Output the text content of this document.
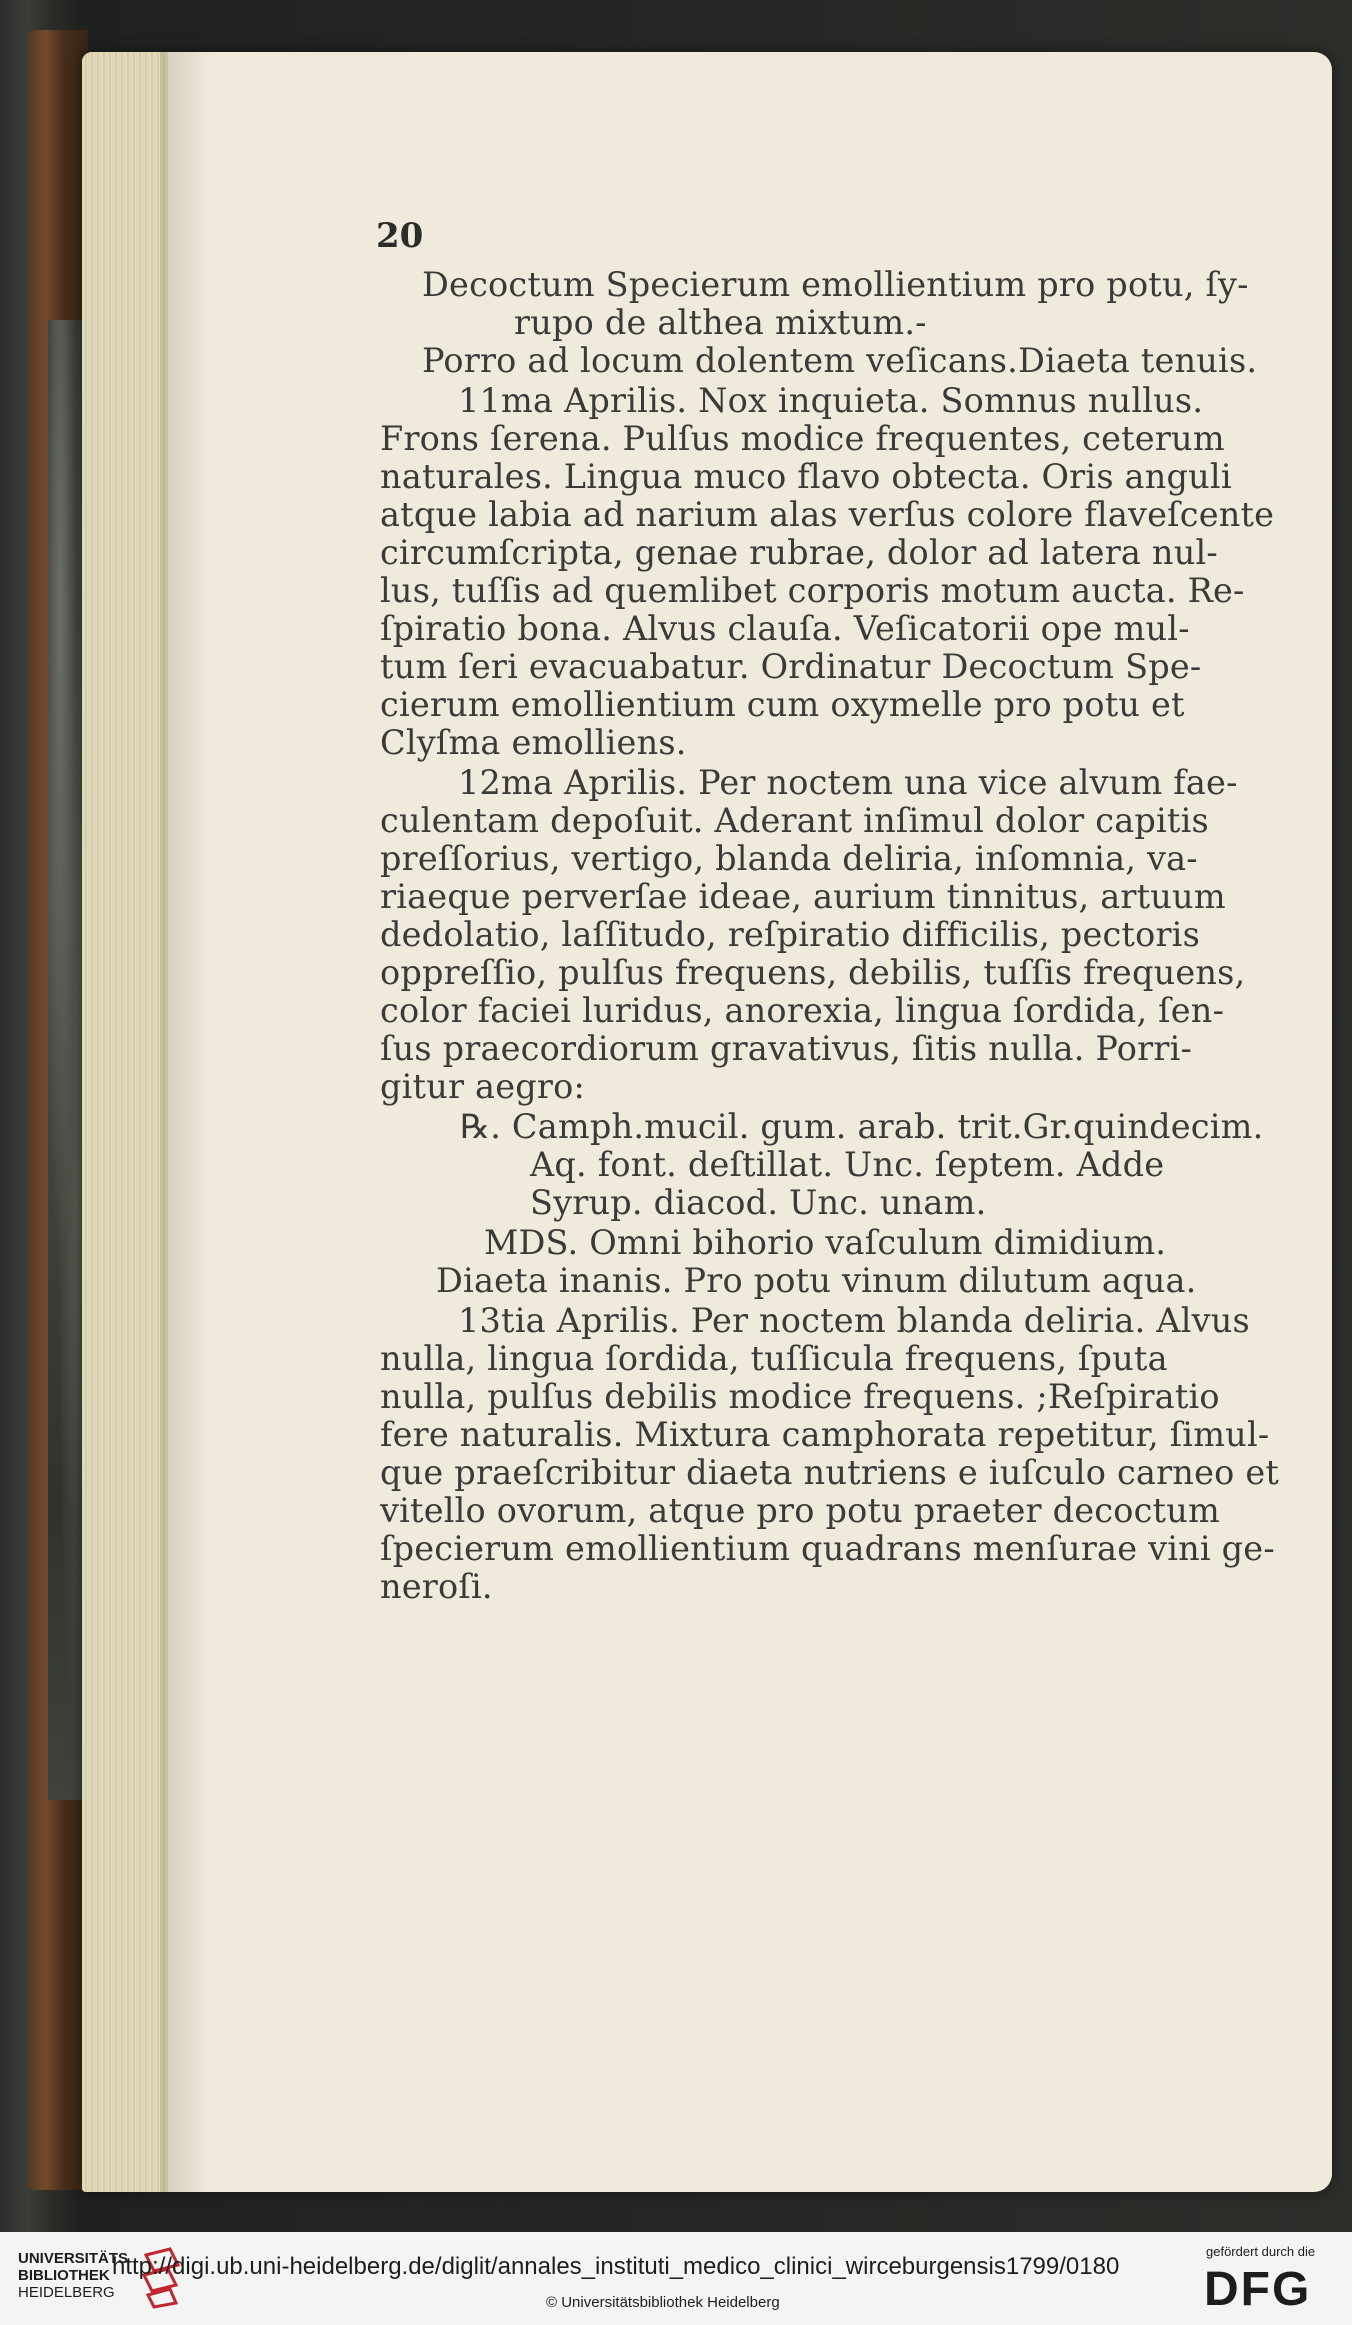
20
Decoctum Specierum emollientium pro potu, ſy-
rupo de althea mixtum.-
Porro ad locum dolentem veſicans.Diaeta tenuis.
11ma Aprilis. Nox inquieta. Somnus nullus.
Frons ſerena. Pulſus modice frequentes, ceterum
naturales. Lingua muco flavo obtecta. Oris anguli
atque labia ad narium alas verſus colore flaveſcente
circumſcripta, genae rubrae, dolor ad latera nul-
lus, tuſſis ad quemlibet corporis motum aucta. Re-
ſpiratio bona. Alvus clauſa. Veſicatorii ope mul-
tum ſeri evacuabatur. Ordinatur Decoctum Spe-
cierum emollientium cum oxymelle pro potu et
Clyſma emolliens.
12ma Aprilis. Per noctem una vice alvum fae-
culentam depoſuit. Aderant inſimul dolor capitis
preſſorius, vertigo, blanda deliria, inſomnia, va-
riaeque perverſae ideae, aurium tinnitus, artuum
dedolatio, laſſitudo, reſpiratio difficilis, pectoris
oppreſſio, pulſus frequens, debilis, tuſſis frequens,
color faciei luridus, anorexia, lingua ſordida, ſen-
ſus praecordiorum gravativus, ſitis nulla. Porri-
gitur aegro:
℞. Camph.mucil. gum. arab. trit.Gr.quindecim.
Aq. font. deſtillat. Unc. ſeptem. Adde
Syrup. diacod. Unc. unam.
MDS. Omni bihorio vaſculum dimidium.
Diaeta inanis. Pro potu vinum dilutum aqua.
13tia Aprilis. Per noctem blanda deliria. Alvus
nulla, lingua ſordida, tuſſicula frequens, ſputa
nulla, pulſus debilis modice frequens. ;Reſpiratio
fere naturalis. Mixtura camphorata repetitur, ſimul-
que praeſcribitur diaeta nutriens e iuſculo carneo et
vitello ovorum, atque pro potu praeter decoctum
ſpecierum emollientium quadrans menſurae vini ge-
neroſi.
UNIVERSITÄTS
BIBLIOTHEK
HEIDELBERG
http://digi.ub.uni-heidelberg.de/diglit/annales_instituti_medico_clinici_wirceburgensis1799/0180
© Universitätsbibliothek Heidelberg
gefördert durch die
DFG
